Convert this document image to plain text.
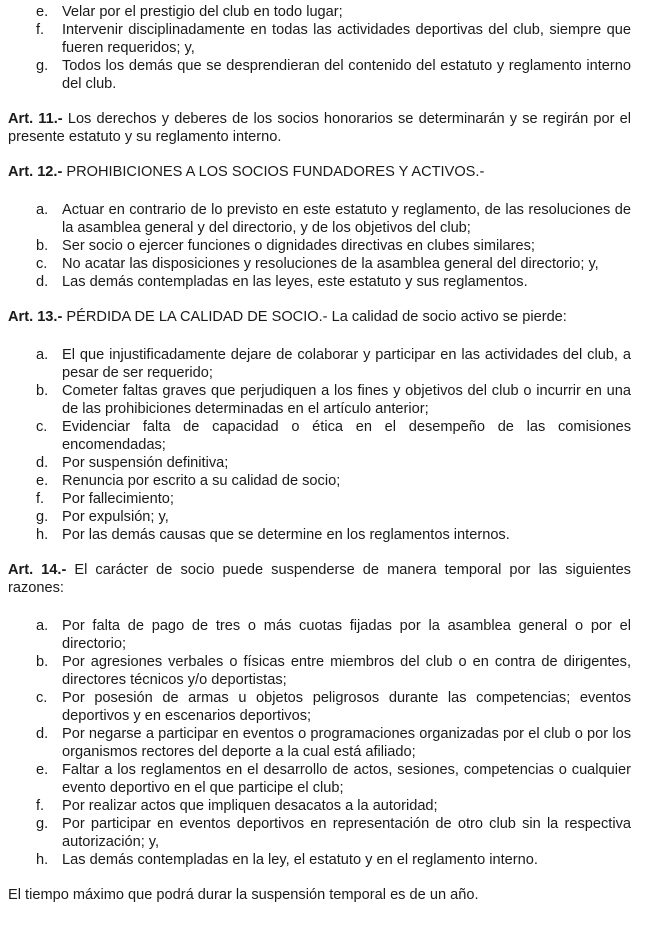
e. Velar por el prestigio del club en todo lugar;
f.	Intervenir disciplinadamente en todas las actividades deportivas del club, siempre que fueren requeridos; y,
g. Todos los demás que se desprendieran del contenido del estatuto y reglamento interno del club.

Art. 11.- Los derechos y deberes de los socios honorarios se determinarán y se regirán por el presente estatuto y su reglamento interno.

Art. 12.- PROHIBICIONES A LOS SOCIOS FUNDADORES Y ACTIVOS.-

a. Actuar en contrario de lo previsto en este estatuto y reglamento, de las resoluciones de la asamblea general y del directorio, y de los objetivos del club;
b. Ser socio o ejercer funciones o dignidades directivas en clubes similares;
c.	No acatar las disposiciones y resoluciones de la asamblea general del directorio; y,
d. Las demás contempladas en las leyes, este estatuto y sus reglamentos.

Art. 13.- PÉRDIDA DE LA CALIDAD DE SOCIO.- La calidad de socio activo se pierde:

a. El que injustificadamente dejare de colaborar y participar en las actividades del club, a pesar de ser requerido;
b. Cometer faltas graves que perjudiquen a los fines y objetivos del club o incurrir en una de las prohibiciones determinadas en el artículo anterior;
c.	Evidenciar falta de capacidad o ética en el desempeño de las comisiones encomendadas;
d. Por suspensión definitiva;
e. Renuncia por escrito a su calidad de socio;
f.	Por fallecimiento;
g. Por expulsión; y,
h. Por las demás causas que se determine en los reglamentos internos.

Art. 14.- El carácter de socio puede suspenderse de manera temporal por las siguientes razones:

a. Por falta de pago de tres o más cuotas fijadas por la asamblea general o por el directorio;
b. Por agresiones verbales o físicas entre miembros del club o en contra de dirigentes, directores técnicos y/o deportistas;
c.	Por posesión de armas u objetos peligrosos durante las competencias; eventos deportivos y en escenarios deportivos;
d. Por negarse a participar en eventos o programaciones organizadas por el club o por los organismos rectores del deporte a la cual está afiliado;
e. Faltar a los reglamentos en el desarrollo de actos, sesiones, competencias o cualquier evento deportivo en el que participe el club;
f.	Por realizar actos que impliquen desacatos a la autoridad;
g. Por participar en eventos deportivos en representación de otro club sin la respectiva autorización; y,
h. Las demás contempladas en la ley, el estatuto y en el reglamento interno.

El tiempo máximo que podrá durar la suspensión temporal es de un año.
